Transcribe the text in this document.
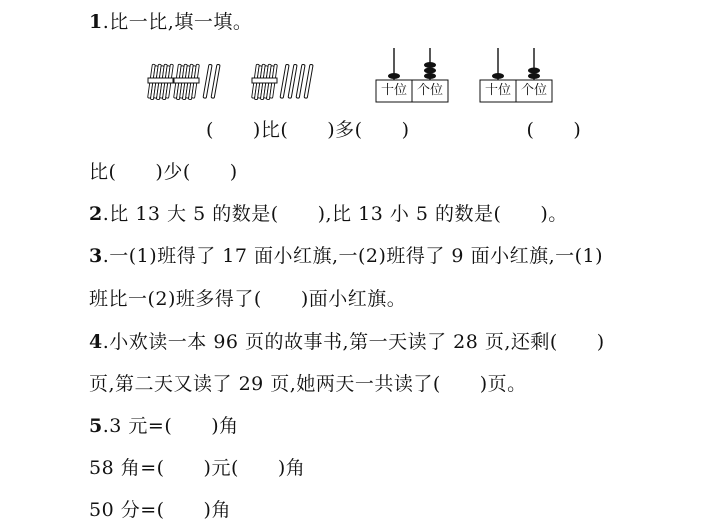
1.比一比,填一填。
十位 个位	十位 个位
(　　)比(　　)多(　　)　　　　　　(　　)
比(　　)少(　　)
2.比 13 大 5 的数是(　　),比 13 小 5 的数是(　　)。
3.一(1)班得了 17 面小红旗,一(2)班得了 9 面小红旗,一(1)
班比一(2)班多得了(　　)面小红旗。
4.小欢读一本 96 页的故事书,第一天读了 28 页,还剩(　　)
页,第二天又读了 29 页,她两天一共读了(　　)页。
5.3 元=(　　)角
58 角=(　　)元(　　)角
50 分=(　　)角
